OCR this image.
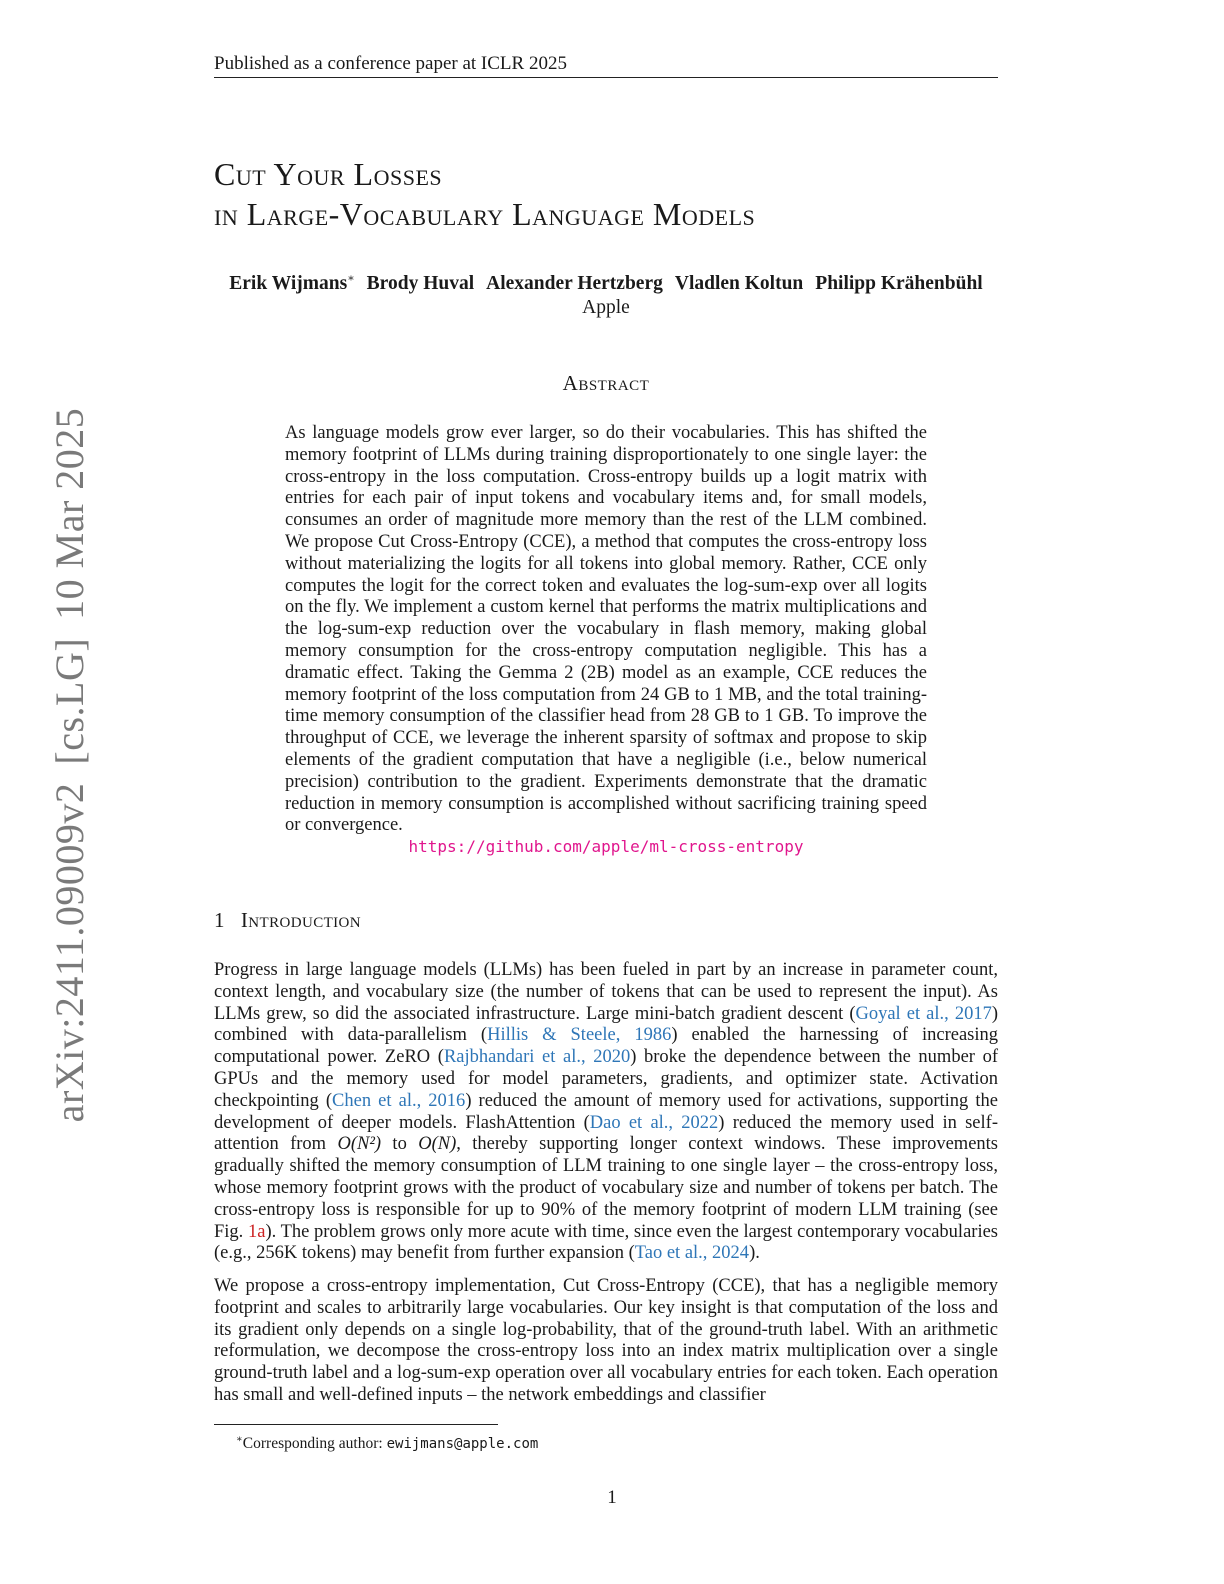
arXiv:2411.09009v2[cs.LG]10 Mar 2025
Published as a conference paper at ICLR 2025
Cut Your Losses
in Large-Vocabulary Language Models
Erik Wijmans∗ Brody Huval Alexander Hertzberg Vladlen Koltun Philipp Krähenbühl
Apple
Abstract
As language models grow ever larger, so do their vocabularies. This has shifted the memory footprint of LLMs during training disproportionately to one single layer: the cross-entropy in the loss computation. Cross-entropy builds up a logit matrix with entries for each pair of input tokens and vocabulary items and, for small models, consumes an order of magnitude more memory than the rest of the LLM combined. We propose Cut Cross-Entropy (CCE), a method that computes the cross-entropy loss without materializing the logits for all tokens into global memory. Rather, CCE only computes the logit for the correct token and evaluates the log-sum-exp over all logits on the fly. We implement a custom kernel that performs the matrix multiplications and the log-sum-exp reduction over the vocabulary in flash memory, making global memory consumption for the cross-entropy computation negligible. This has a dramatic effect. Taking the Gemma 2 (2B) model as an example, CCE reduces the memory footprint of the loss computation from 24 GB to 1 MB, and the total training-time memory consumption of the classifier head from 28 GB to 1 GB. To improve the throughput of CCE, we leverage the inherent sparsity of softmax and propose to skip elements of the gradient computation that have a negligible (i.e., below numerical precision) contribution to the gradient. Experiments demonstrate that the dramatic reduction in memory consumption is accomplished without sacrificing training speed or convergence.
https://github.com/apple/ml-cross-entropy
1 Introduction
Progress in large language models (LLMs) has been fueled in part by an increase in parameter count, context length, and vocabulary size (the number of tokens that can be used to represent the input). As LLMs grew, so did the associated infrastructure. Large mini-batch gradient descent (Goyal et al., 2017) combined with data-parallelism (Hillis & Steele, 1986) enabled the harnessing of increasing computational power. ZeRO (Rajbhandari et al., 2020) broke the dependence between the number of GPUs and the memory used for model parameters, gradients, and optimizer state. Activation checkpointing (Chen et al., 2016) reduced the amount of memory used for activations, supporting the development of deeper models. FlashAttention (Dao et al., 2022) reduced the memory used in self-attention from O(N²) to O(N), thereby supporting longer context windows. These improvements gradually shifted the memory consumption of LLM training to one single layer – the cross-entropy loss, whose memory footprint grows with the product of vocabulary size and number of tokens per batch. The cross-entropy loss is responsible for up to 90% of the memory footprint of modern LLM training (see Fig. 1a). The problem grows only more acute with time, since even the largest contemporary vocabularies (e.g., 256K tokens) may benefit from further expansion (Tao et al., 2024).
We propose a cross-entropy implementation, Cut Cross-Entropy (CCE), that has a negligible memory footprint and scales to arbitrarily large vocabularies. Our key insight is that computation of the loss and its gradient only depends on a single log-probability, that of the ground-truth label. With an arithmetic reformulation, we decompose the cross-entropy loss into an index matrix multiplication over a single ground-truth label and a log-sum-exp operation over all vocabulary entries for each token. Each operation has small and well-defined inputs – the network embeddings and classifier
∗Corresponding author: ewijmans@apple.com
1
